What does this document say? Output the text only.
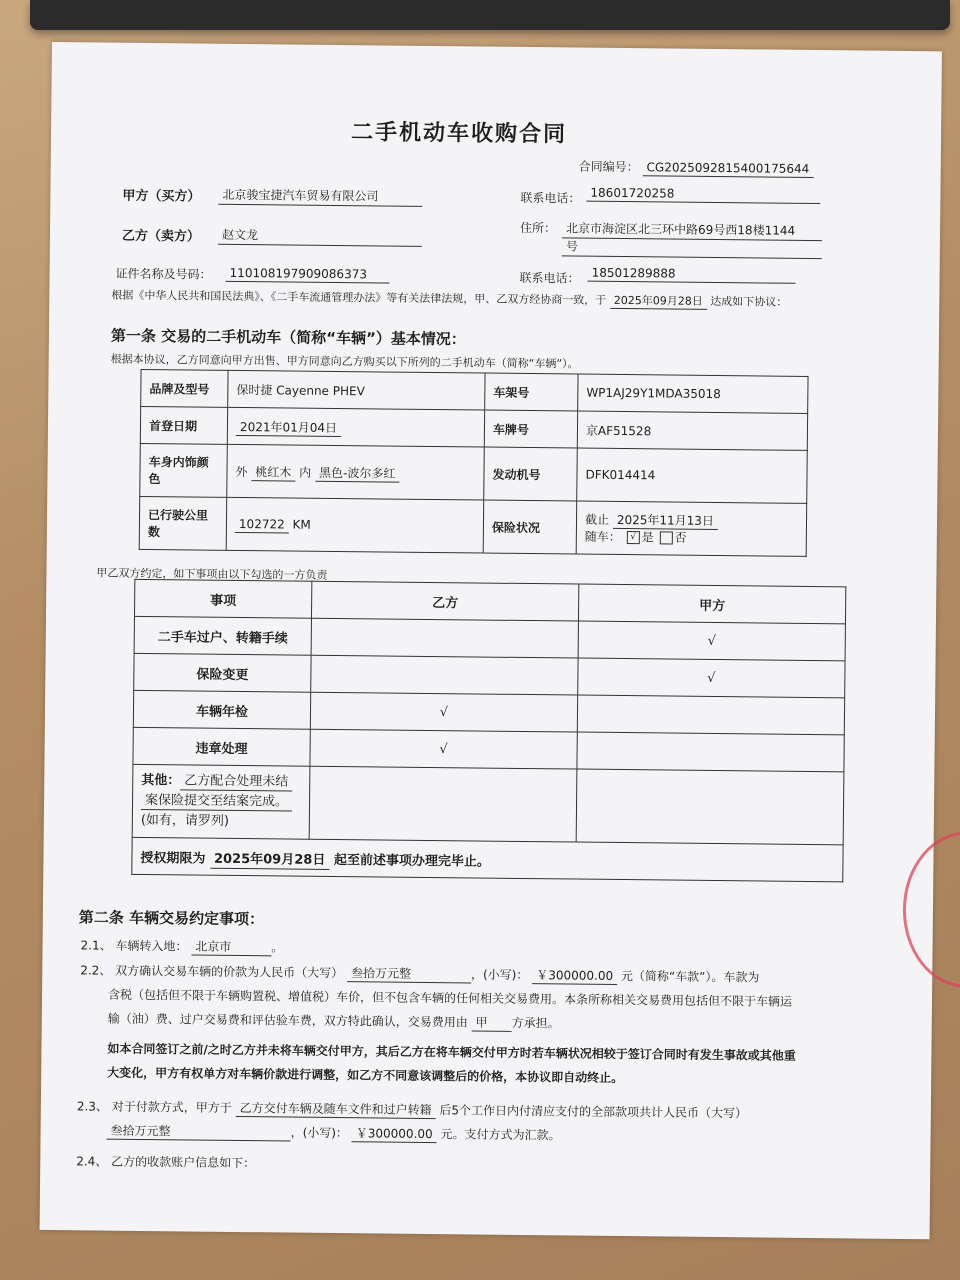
二手机动车收购合同
合同编号： CG2025092815400175644
甲方（买方）	北京骏宝捷汽车贸易有限公司	联系电话： 18601720258
乙方（卖方）	赵文龙	住所： 北京市海淀区北三环中路69号西18楼1144
号
证件名称及号码：	110108197909086373	联系电话： 18501289888
根据《中华人民共和国民法典》、《二手车流通管理办法》等有关法律法规，甲、乙双方经协商一致，于 2025年09月28日 达成如下协议：
第一条 交易的二手机动车（简称“车辆”）基本情况：
根据本协议，乙方同意向甲方出售、甲方同意向乙方购买以下所列的二手机动车（简称“车辆”）。
品牌及型号	保时捷 Cayenne PHEV	车架号	WP1AJ29Y1MDA35018
首登日期	2021年01月04日	车牌号	京AF51528
车身内饰颜色	外 桃红木 内 黑色-波尔多红	发动机号	DFK014414
已行驶公里数	102722 KM	保险状况	截止 2025年11月13日
随车： √ 是 否
甲乙双方约定，如下事项由以下勾选的一方负责
事项	乙方	甲方
二手车过户、转籍手续		√
保险变更		√
车辆年检	√	
违章处理	√	

其他： 乙方配合处理未结
案保险提交至结案完成。
(如有，请罗列)		

授权期限为 2025年09月28日 起至前述事项办理完毕止。		
第二条 车辆交易约定事项：
2.1、 车辆转入地： 北京市	。
2.2、 双方确认交易车辆的价款为人民币（大写） 叁拾万元整	，(小写)： ￥300000.00 元（简称“车款”）。车款为
含税（包括但不限于车辆购置税、增值税）车价，但不包含车辆的任何相关交易费用。本条所称相关交易费用包括但不限于车辆运
输（油）费、过户交易费和评估验车费，双方特此确认，交易费用由 甲 方承担。
如本合同签订之前/之时乙方并未将车辆交付甲方，其后乙方在将车辆交付甲方时若车辆状况相较于签订合同时有发生事故或其他重
大变化，甲方有权单方对车辆价款进行调整，如乙方不同意该调整后的价格，本协议即自动终止。
2.3、 对于付款方式，甲方于 乙方交付车辆及随车文件和过户转籍 后5个工作日内付清应支付的全部款项共计人民币（大写）
叁拾万元整	，(小写)： ￥300000.00 元。支付方式为汇款。
2.4、 乙方的收款账户信息如下：
